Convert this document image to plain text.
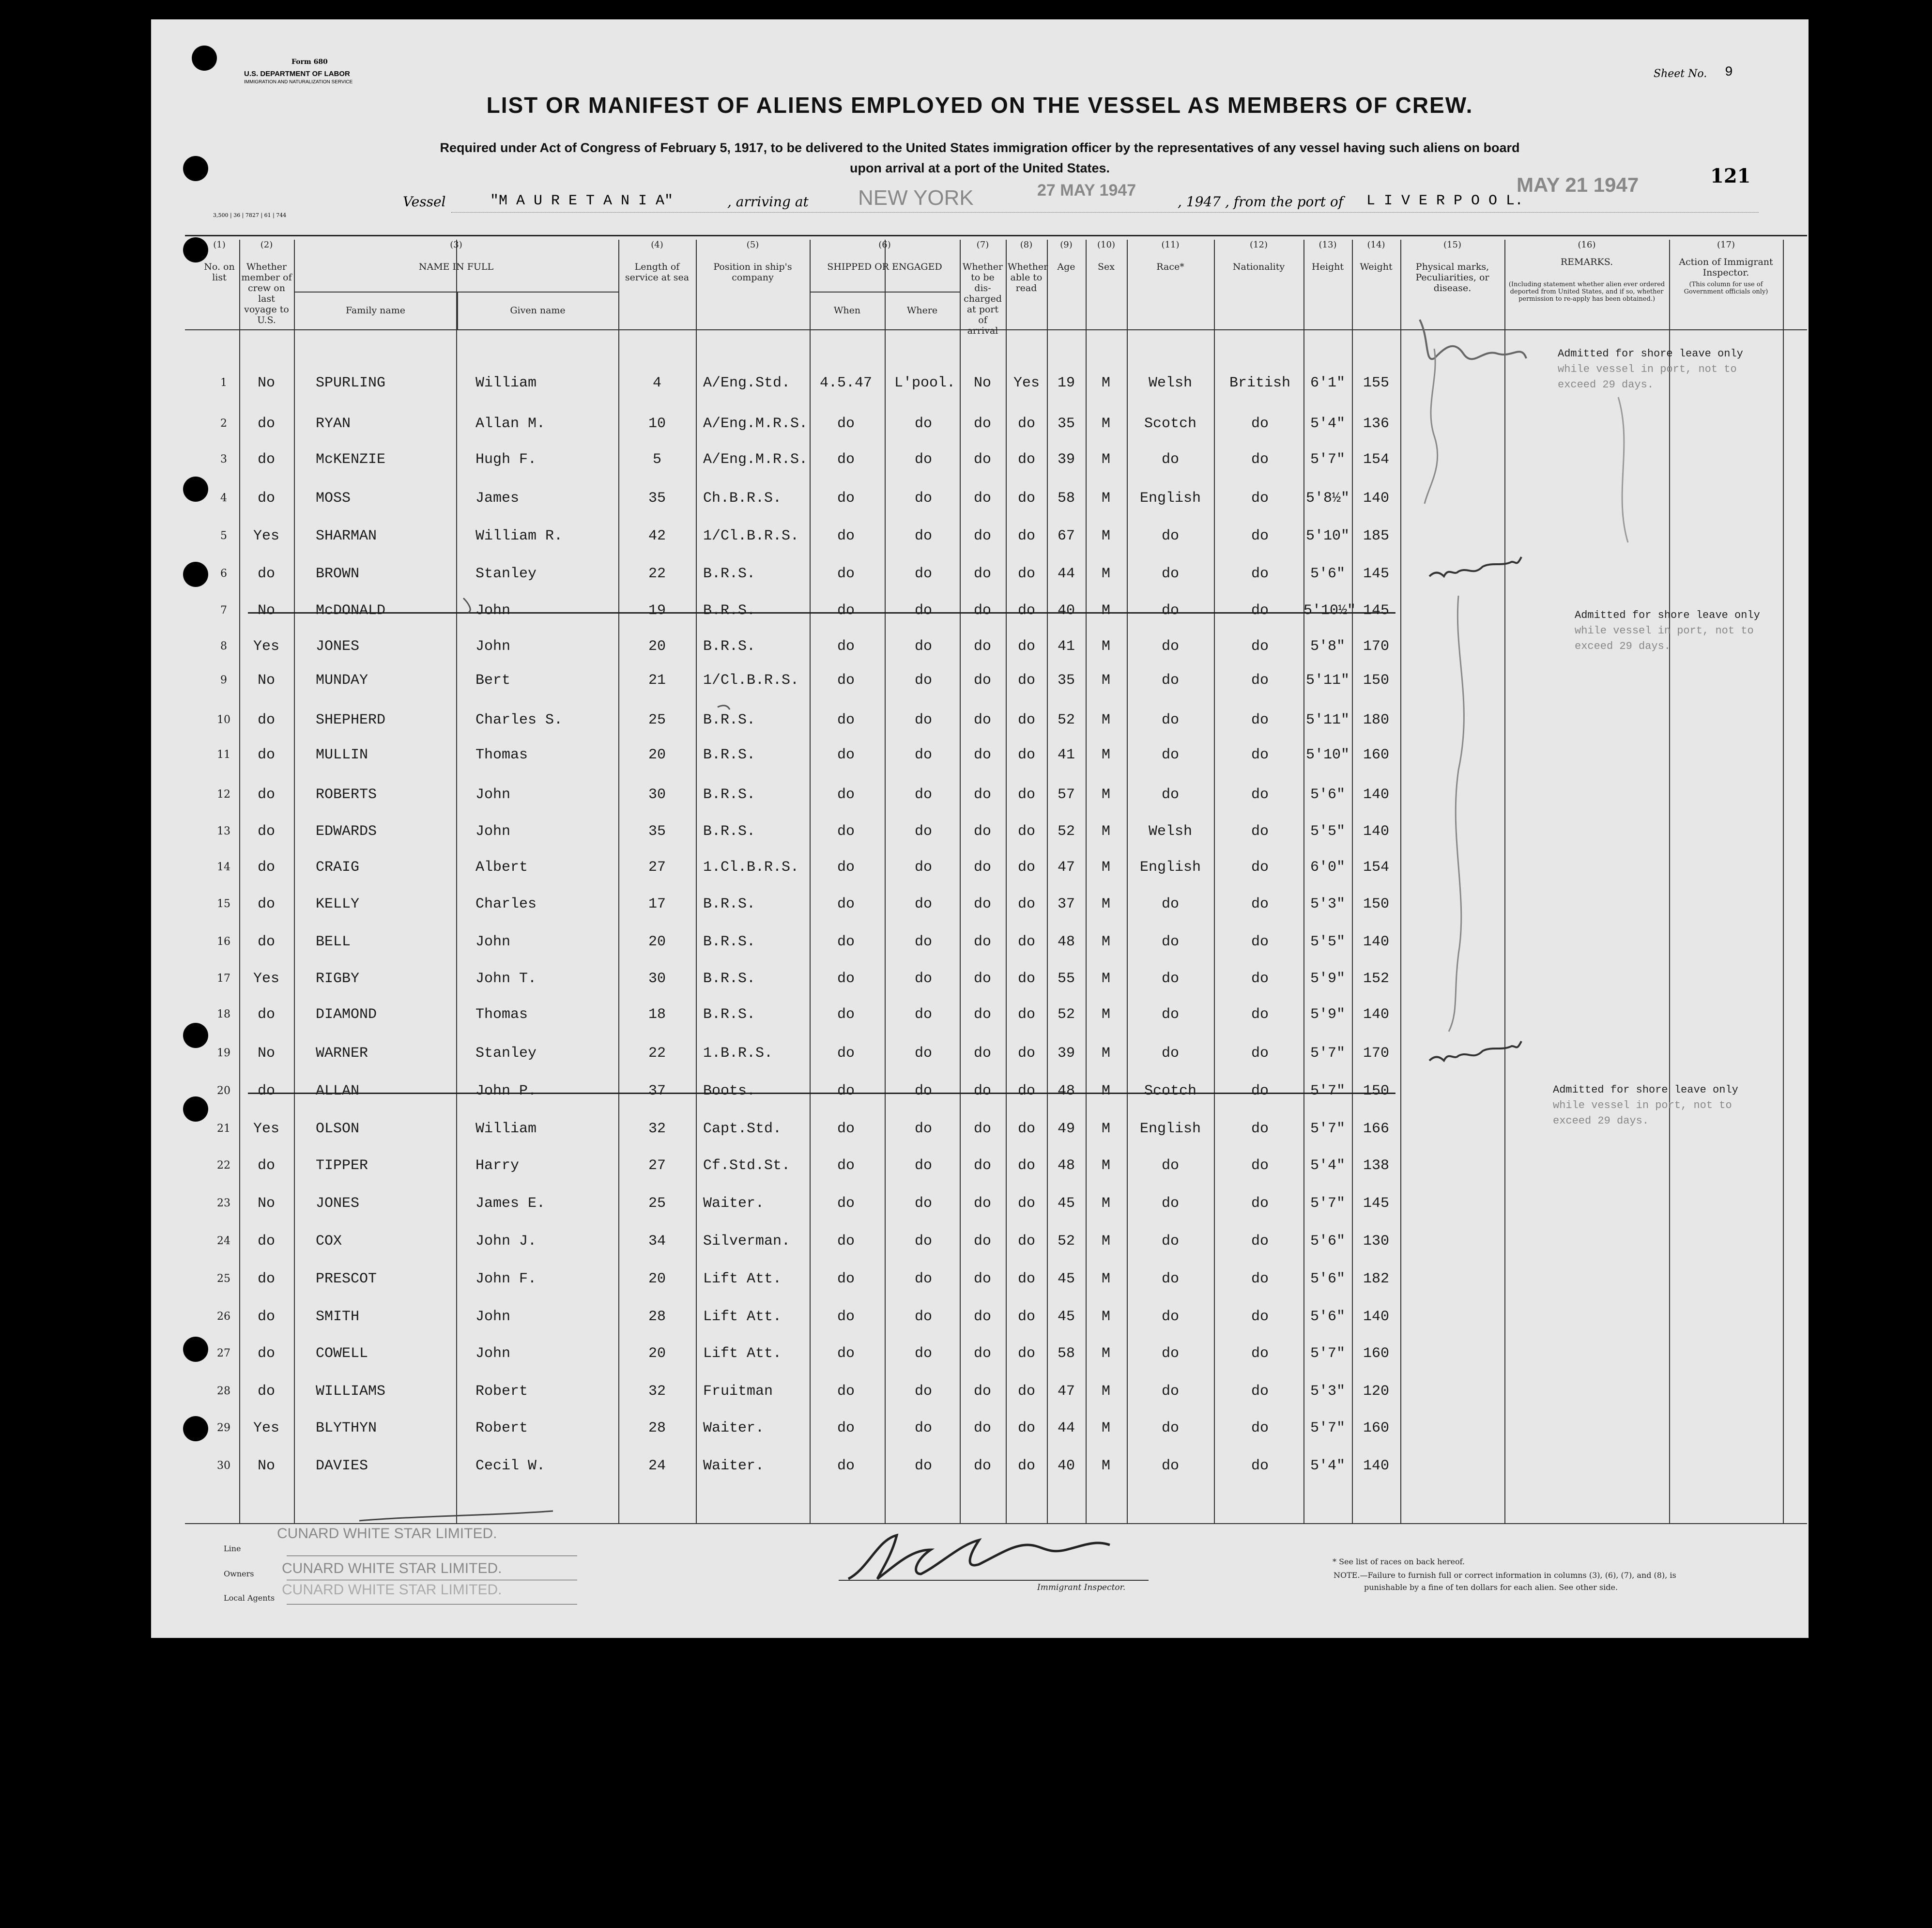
Form 680
U.S. DEPARTMENT OF LABOR
IMMIGRATION AND NATURALIZATION SERVICE
3,500 | 36 | 7827 | 61 | 744
Sheet No. 9
121
LIST OR MANIFEST OF ALIENS EMPLOYED ON THE VESSEL AS MEMBERS OF CREW.
Required under Act of Congress of February 5, 1917, to be delivered to the United States immigration officer by the representatives of any vessel having such aliens on board
upon arrival at a port of the United States.
Vessel	"M A U R E T A N I A"	, arriving at NEW YORK	27 MAY 1947
, 1947 , from the port of L I V E R P O O L.
MAY 21 1947
(1)
No. on list
(2)
Whether member of crew on last voyage to U.S.
(3)
NAME IN FULL
Family name	Given name
(4)
Length of service at sea
(5)
Position in ship's company
(6)
SHIPPED OR ENGAGED
When	Where
(7)
Whether to be dis-charged at port of arrival
(8)
Whether able to read
(9)
Age
(10)
Sex
(11)
Race*
(12)
Nationality
(13)
Height
(14)
Weight
(15)
Physical marks, Peculiarities, or disease.
(16)
REMARKS.
(Including statement whether alien ever ordered deported from United States, and if so, whether permission to re-apply has been obtained.)
(17)
Action of Immigrant Inspector.
(This column for use of Government officials only)
1	No	SPURLING	William	4	A/Eng.Std. 4.5.47 L'pool.	No	Yes	19	M	Welsh	British	6'1"	155
2	do	RYAN	Allan M.	10	A/Eng.M.R.S.	do	do	do	do	35	M	Scotch	do	5'4"	136
3	do	McKENZIE	Hugh F.	5	A/Eng.M.R.S.	do	do	do	do	39	M	do	do	5'7"	154
4	do	MOSS	James	35	Ch.B.R.S.	do	do	do	do	58	M	English	do	5'8½" 140
5	Yes	SHARMAN	William R.	42	1/Cl.B.R.S.	do	do	do	do	67	M	do	do	5'10" 185
6	do	BROWN	Stanley	22	B.R.S.	do	do	do	do	44	M	do	do	5'6"	145
7	No	McDONALD	John	19	B.R.S.	do	do	do	do	40	M	do	do	5'10½" 145
8	Yes	JONES	John	20	B.R.S.	do	do	do	do	41	M	do	do	5'8"	170
9	No	MUNDAY	Bert	21	1/Cl.B.R.S.	do	do	do	do	35	M	do	do	5'11" 150
10	do	SHEPHERD	Charles S.	25	B.R.S.	do	do	do	do	52	M	do	do	5'11" 180
11	do	MULLIN	Thomas	20	B.R.S.	do	do	do	do	41	M	do	do	5'10" 160
12	do	ROBERTS	John	30	B.R.S.	do	do	do	do	57	M	do	do	5'6"	140
13	do	EDWARDS	John	35	B.R.S.	do	do	do	do	52	M	Welsh	do	5'5"	140
14	do	CRAIG	Albert	27	1.Cl.B.R.S.	do	do	do	do	47	M	English	do	6'0"	154
15	do	KELLY	Charles	17	B.R.S.	do	do	do	do	37	M	do	do	5'3"	150
16	do	BELL	John	20	B.R.S.	do	do	do	do	48	M	do	do	5'5"	140
17	Yes	RIGBY	John T.	30	B.R.S.	do	do	do	do	55	M	do	do	5'9"	152
18	do	DIAMOND	Thomas	18	B.R.S.	do	do	do	do	52	M	do	do	5'9"	140
19	No	WARNER	Stanley	22	1.B.R.S.	do	do	do	do	39	M	do	do	5'7"	170
20	do	ALLAN	John P.	37	Boots.	do	do	do	do	48	M	Scotch	do	5'7"	150
21	Yes	OLSON	William	32	Capt.Std.	do	do	do	do	49	M	English	do	5'7"	166
22	do	TIPPER	Harry	27	Cf.Std.St.	do	do	do	do	48	M	do	do	5'4"	138
23	No	JONES	James E.	25	Waiter.	do	do	do	do	45	M	do	do	5'7"	145
24	do	COX	John J.	34	Silverman.	do	do	do	do	52	M	do	do	5'6"	130
25	do	PRESCOT	John F.	20	Lift Att.	do	do	do	do	45	M	do	do	5'6"	182
26	do	SMITH	John	28	Lift Att.	do	do	do	do	45	M	do	do	5'6"	140
27	do	COWELL	John	20	Lift Att.	do	do	do	do	58	M	do	do	5'7"	160
28	do	WILLIAMS	Robert	32	Fruitman	do	do	do	do	47	M	do	do	5'3"	120
29	Yes	BLYTHYN	Robert	28	Waiter.	do	do	do	do	44	M	do	do	5'7"	160
30	No	DAVIES	Cecil W.	24	Waiter.	do	do	do	do	40	M	do	do	5'4"	140
Admitted for shore leave only
while vessel in port, not to
exceed 29 days.
Admitted for shore leave only
while vessel in port, not to
exceed 29 days.
Admitted for shore leave only
while vessel in port, not to
exceed 29 days.
Line
Owners
Local Agents
CUNARD WHITE STAR LIMITED.
CUNARD WHITE STAR LIMITED.
CUNARD WHITE STAR LIMITED.	Immigrant Inspector.
* See list of races on back hereof.
NOTE.—Failure to furnish full or correct information in columns (3), (6), (7), and (8), is
punishable by a fine of ten dollars for each alien. See other side.
